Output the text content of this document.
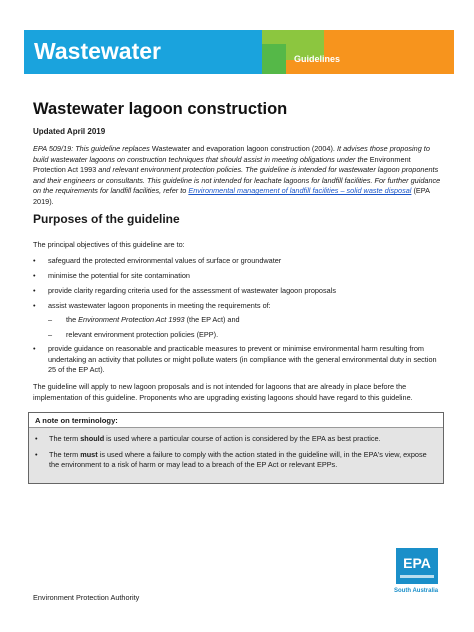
Wastewater	Guidelines
Wastewater lagoon construction
Updated April 2019

EPA 509/19: This guideline replaces Wastewater and evaporation lagoon construction (2004). It advises those proposing to build wastewater lagoons on construction techniques that should assist in meeting obligations under the Environment Protection Act 1993 and relevant environment protection policies. The guideline is intended for wastewater lagoon proponents and their engineers or consultants. This guideline is not intended for leachate lagoons for landfill facilities. For further guidance on the requirements for landfill facilities, refer to Environmental management of landfill facilities – solid waste disposal (EPA 2019).

Purposes of the guideline
The principal objectives of this guideline are to:
• safeguard the protected environmental values of surface or groundwater
• minimise the potential for site contamination
• provide clarity regarding criteria used for the assessment of wastewater lagoon proposals
• assist wastewater lagoon proponents in meeting the requirements of:
– the Environment Protection Act 1993 (the EP Act) and
– relevant environment protection policies (EPP).
• provide guidance on reasonable and practicable measures to prevent or minimise environmental harm resulting from undertaking an activity that pollutes or might pollute waters (in compliance with the general environmental duty in section 25 of the EP Act).

The guideline will apply to new lagoon proposals and is not intended for lagoons that are already in place before the implementation of this guideline. Proponents who are upgrading existing lagoons should have regard to this guideline.

A note on terminology:
• The term should is used where a particular course of action is considered by the EPA as best practice.
• The term must is used where a failure to comply with the action stated in the guideline will, in the EPA's view, expose the environment to a risk of harm or may lead to a breach of the EP Act or relevant EPPs.
EPA
South Australia
Environment Protection Authority
